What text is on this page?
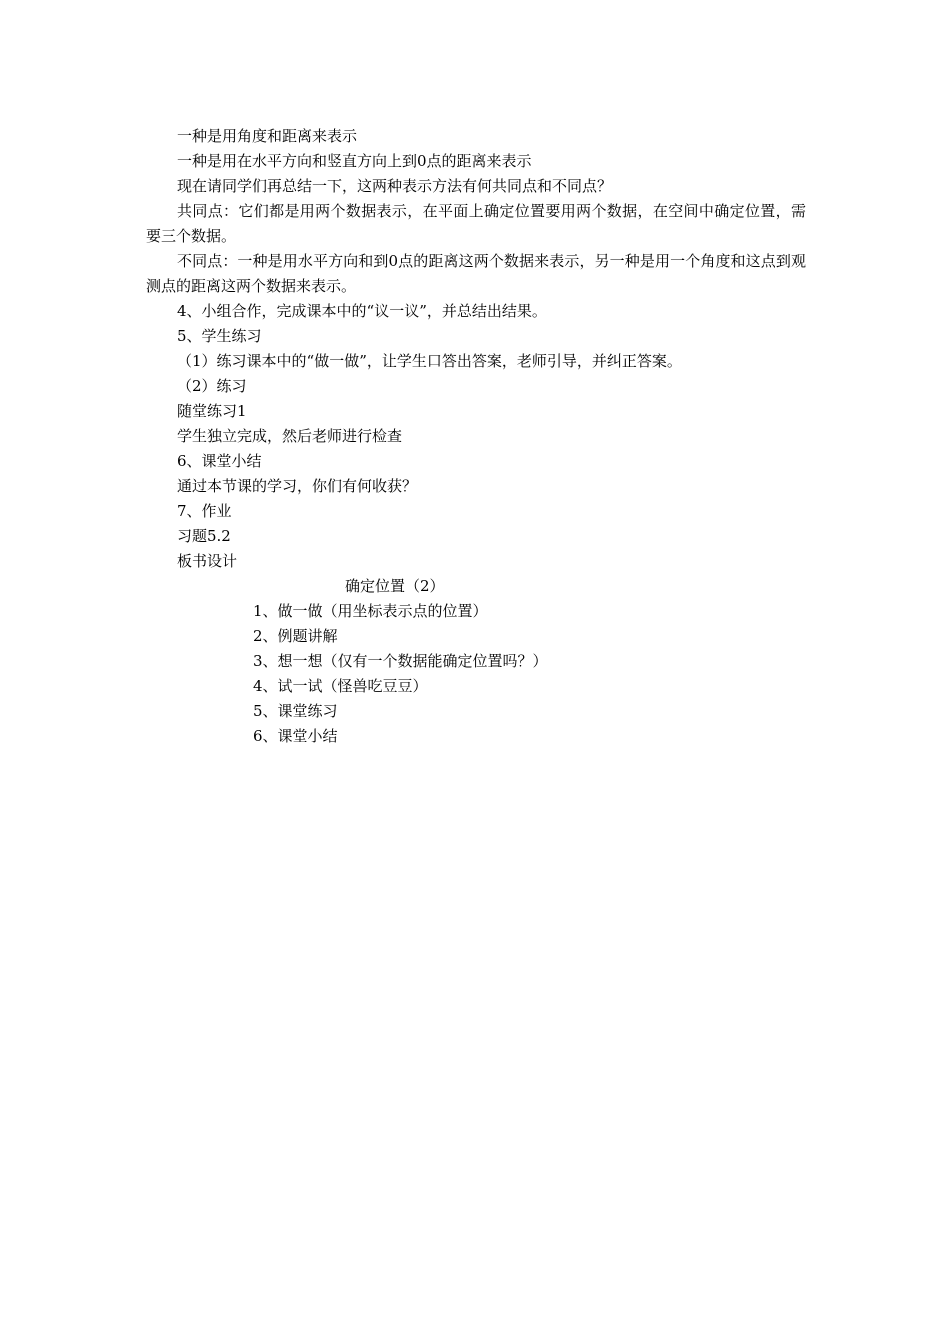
一种是用角度和距离来表示
一种是用在水平方向和竖直方向上到0点的距离来表示
现在请同学们再总结一下，这两种表示方法有何共同点和不同点？
共同点：它们都是用两个数据表示，在平面上确定位置要用两个数据，在空间中确定位置，需要三个数据。
不同点：一种是用水平方向和到0点的距离这两个数据来表示，另一种是用一个角度和这点到观测点的距离这两个数据来表示。
4、小组合作，完成课本中的“议一议”，并总结出结果。
5、学生练习
（1）练习课本中的“做一做”，让学生口答出答案，老师引导，并纠正答案。
（2）练习
随堂练习1
学生独立完成，然后老师进行检查
6、课堂小结
通过本节课的学习，你们有何收获？
7、作业
习题5.2
板书设计
确定位置（2）
1、做一做（用坐标表示点的位置）
2、例题讲解
3、想一想（仅有一个数据能确定位置吗？）
4、试一试（怪兽吃豆豆）
5、课堂练习
6、课堂小结
